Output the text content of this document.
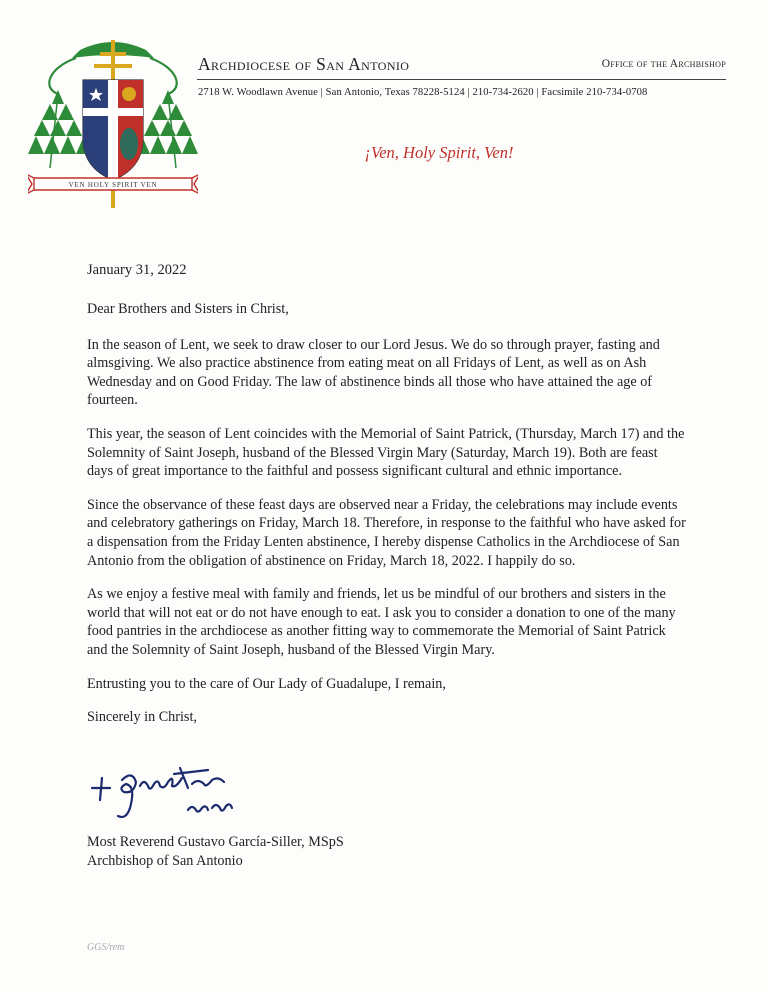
VEN HOLY SPIRIT VEN
Archdiocese of San Antonio	Office of the Archbishop
2718 W. Woodlawn Avenue | San Antonio, Texas 78228-5124 | 210-734-2620 | Facsimile 210-734-0708
¡Ven, Holy Spirit, Ven!
January 31, 2022

Dear Brothers and Sisters in Christ,

In the season of Lent, we seek to draw closer to our Lord Jesus. We do so through prayer, fasting and almsgiving. We also practice abstinence from eating meat on all Fridays of Lent, as well as on Ash Wednesday and on Good Friday. The law of abstinence binds all those who have attained the age of fourteen.

This year, the season of Lent coincides with the Memorial of Saint Patrick, (Thursday, March 17) and the Solemnity of Saint Joseph, husband of the Blessed Virgin Mary (Saturday, March 19). Both are feast days of great importance to the faithful and possess significant cultural and ethnic importance.

Since the observance of these feast days are observed near a Friday, the celebrations may include events and celebratory gatherings on Friday, March 18. Therefore, in response to the faithful who have asked for a dispensation from the Friday Lenten abstinence, I hereby dispense Catholics in the Archdiocese of San Antonio from the obligation of abstinence on Friday, March 18, 2022. I happily do so.

As we enjoy a festive meal with family and friends, let us be mindful of our brothers and sisters in the world that will not eat or do not have enough to eat. I ask you to consider a donation to one of the many food pantries in the archdiocese as another fitting way to commemorate the Memorial of Saint Patrick and the Solemnity of Saint Joseph, husband of the Blessed Virgin Mary.

Entrusting you to the care of Our Lady of Guadalupe, I remain,

Sincerely in Christ,

Most Reverend Gustavo García-Siller, MSpS
Archbishop of San Antonio
GGS/rem
